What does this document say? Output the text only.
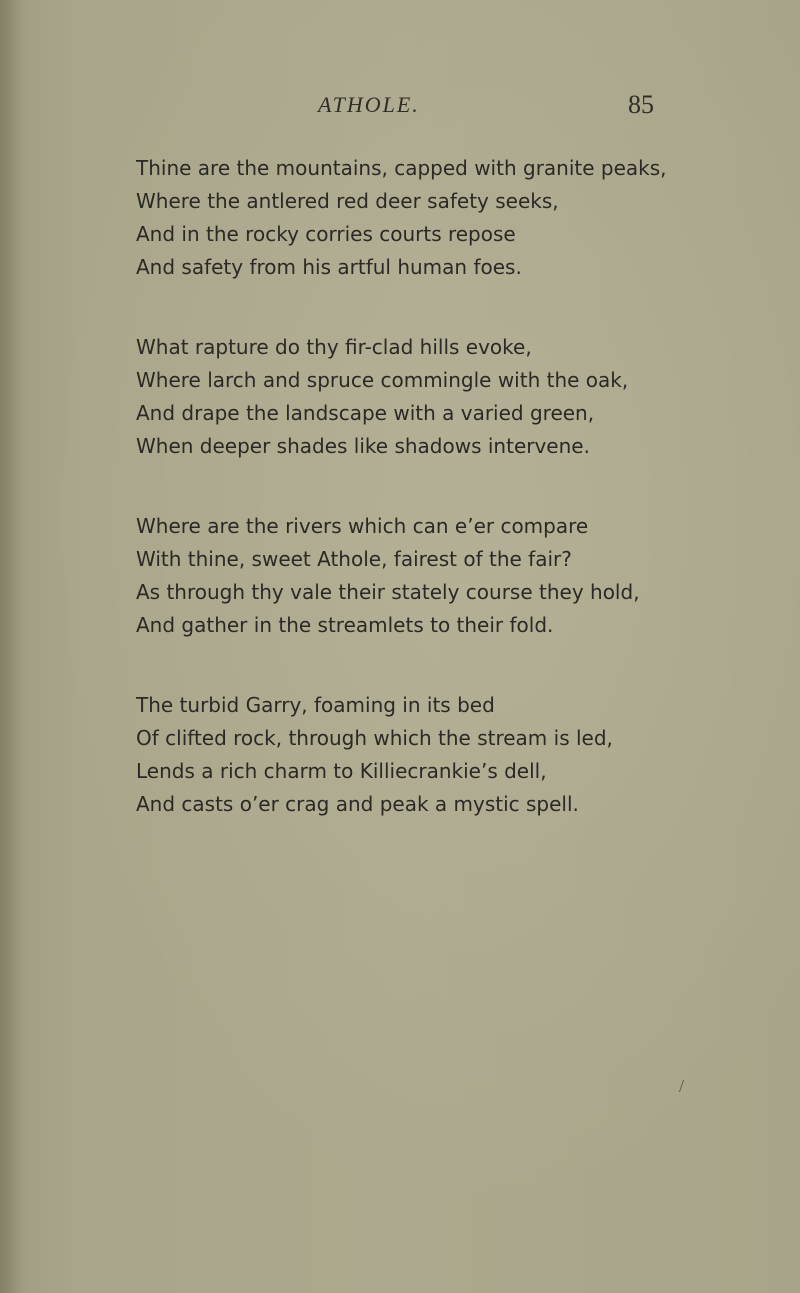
ATHOLE.	85
Thine are the mountains, capped with granite peaks,
Where the antlered red deer safety seeks,
And in the rocky corries courts repose
And safety from his artful human foes.
What rapture do thy fir-clad hills evoke,
Where larch and spruce commingle with the oak,
And drape the landscape with a varied green,
When deeper shades like shadows intervene.
Where are the rivers which can e’er compare
With thine, sweet Athole, fairest of the fair?
As through thy vale their stately course they hold,
And gather in the streamlets to their fold.
The turbid Garry, foaming in its bed
Of clifted rock, through which the stream is led,
Lends a rich charm to Killiecrankie’s dell,
And casts o’er crag and peak a mystic spell.
/
